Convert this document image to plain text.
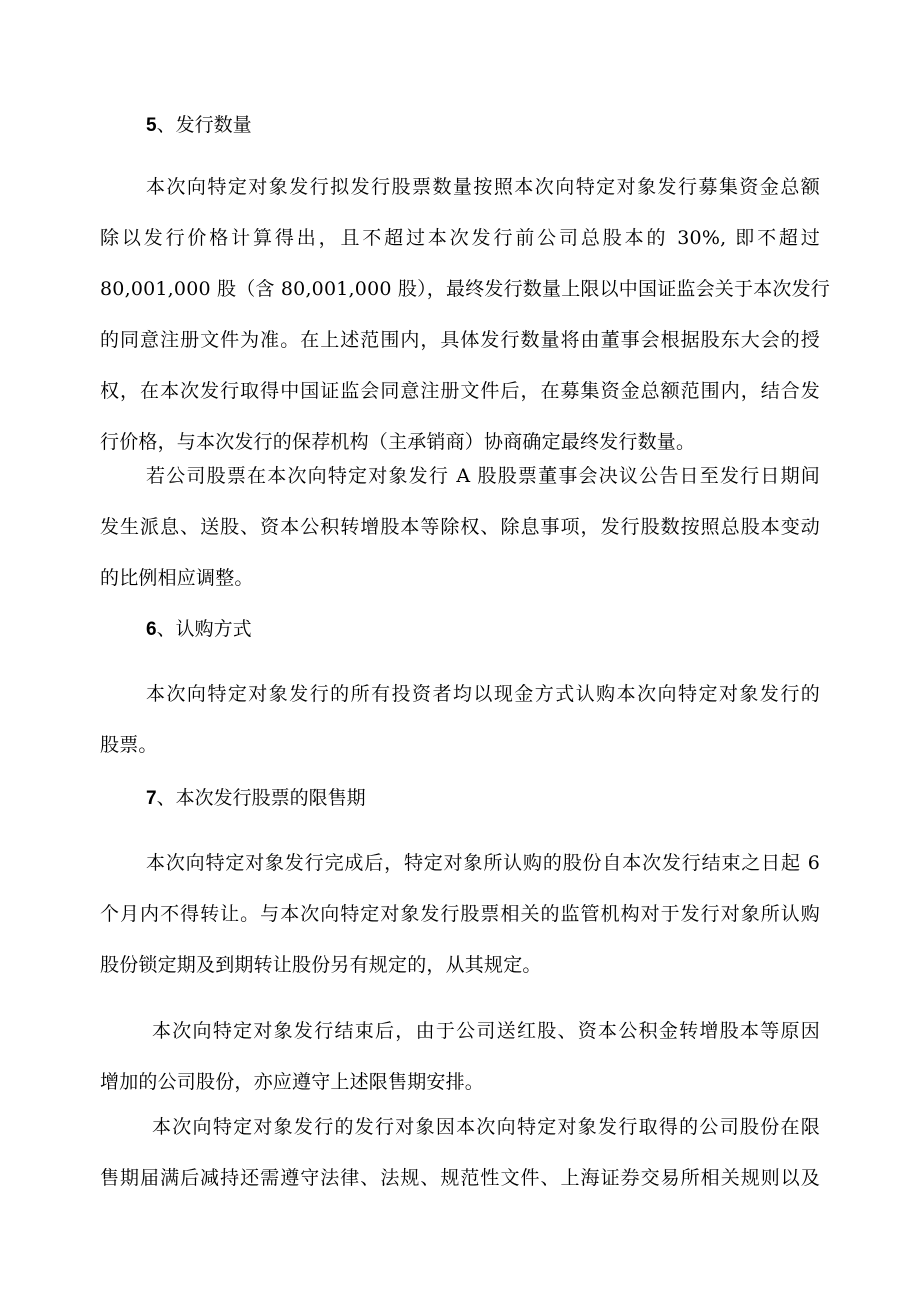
5、发行数量
本次向特定对象发行拟发行股票数量按照本次向特定对象发行募集资金总额
除以发行价格计算得出，且不超过本次发行前公司总股本的 30%, 即不超过
80,001,000 股（含 80,001,000 股），最终发行数量上限以中国证监会关于本次发行
的同意注册文件为准。在上述范围内，具体发行数量将由董事会根据股东大会的授
权，在本次发行取得中国证监会同意注册文件后，在募集资金总额范围内，结合发
行价格，与本次发行的保荐机构（主承销商）协商确定最终发行数量。
若公司股票在本次向特定对象发行 A 股股票董事会决议公告日至发行日期间
发生派息、送股、资本公积转增股本等除权、除息事项，发行股数按照总股本变动
的比例相应调整。
6、认购方式
本次向特定对象发行的所有投资者均以现金方式认购本次向特定对象发行的
股票。
7、本次发行股票的限售期
本次向特定对象发行完成后，特定对象所认购的股份自本次发行结束之日起 6
个月内不得转让。与本次向特定对象发行股票相关的监管机构对于发行对象所认购
股份锁定期及到期转让股份另有规定的，从其规定。
本次向特定对象发行结束后，由于公司送红股、资本公积金转增股本等原因
增加的公司股份，亦应遵守上述限售期安排。
本次向特定对象发行的发行对象因本次向特定对象发行取得的公司股份在限
售期届满后减持还需遵守法律、法规、规范性文件、上海证券交易所相关规则以及
